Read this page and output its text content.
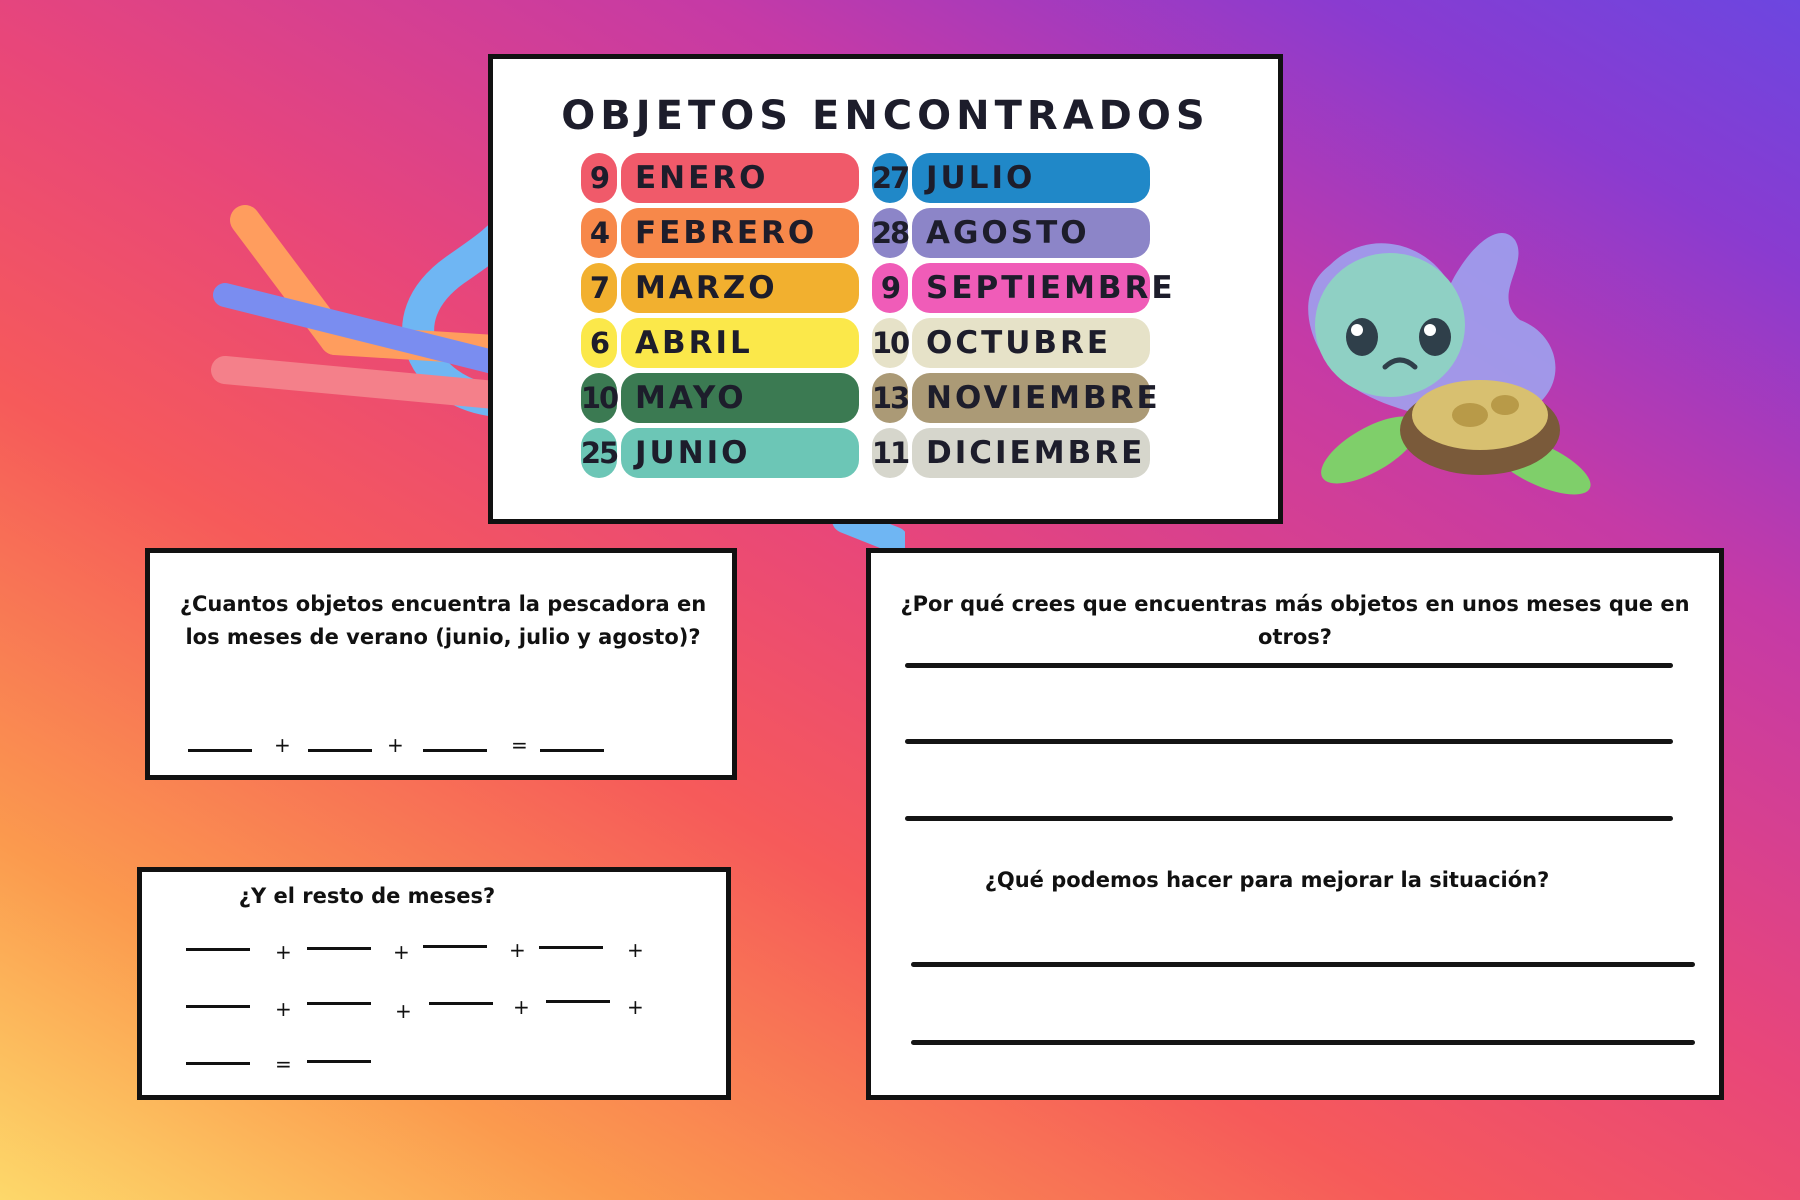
OBJETOS ENCONTRADOS
9 ENERO
4 FEBRERO
7 MARZO
6 ABRIL
10 MAYO
25 JUNIO
27 JULIO
28 AGOSTO
9 SEPTIEMBRE
10 OCTUBRE
13 NOVIEMBRE
11 DICIEMBRE
¿Cuantos objetos encuentra la pescadora en los meses de verano (junio, julio y agosto)?
+	+	=
¿Y el resto de meses?
+	+	+	+
+	+	+	+
=
¿Por qué crees que encuentras más objetos en unos meses que en otros?
¿Qué podemos hacer para mejorar la situación?
